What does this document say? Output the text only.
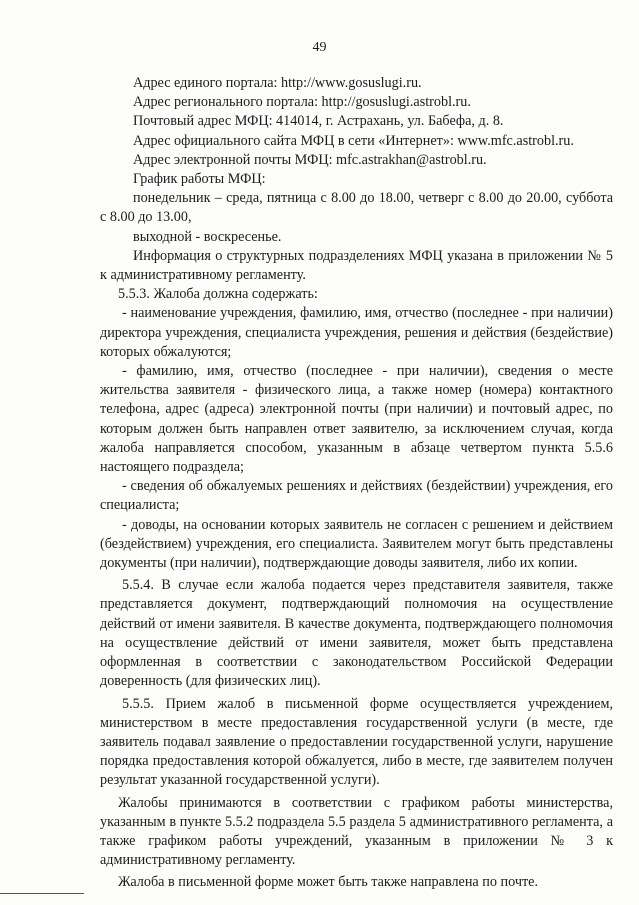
49

Адрес единого портала: http://www.gosuslugi.ru.

Адрес регионального портала: http://gosuslugi.astrobl.ru.

Почтовый адрес МФЦ: 414014, г. Астрахань, ул. Бабефа, д. 8.

Адрес официального сайта МФЦ в сети «Интернет»: www.mfc.astrobl.ru.

Адрес электронной почты МФЦ: mfc.astrakhan@astrobl.ru.

График работы МФЦ:

понедельник – среда, пятница с 8.00 до 18.00, четверг с 8.00 до 20.00, суббота с 8.00 до 13.00,

выходной - воскресенье.

Информация о структурных подразделениях МФЦ указана в приложении № 5 к административному регламенту.

5.5.3. Жалоба должна содержать:

- наименование учреждения, фамилию, имя, отчество (последнее - при наличии) директора учреждения, специалиста учреждения, решения и действия (бездействие) которых обжалуются;

- фамилию, имя, отчество (последнее - при наличии), сведения о месте жительства заявителя - физического лица, а также номер (номера) контактного телефона, адрес (адреса) электронной почты (при наличии) и почтовый адрес, по которым должен быть направлен ответ заявителю, за исключением случая, когда жалоба направляется способом, указанным в абзаце четвертом пункта 5.5.6 настоящего подраздела;

- сведения об обжалуемых решениях и действиях (бездействии) учреждения, его специалиста;

- доводы, на основании которых заявитель не согласен с решением и действием (бездействием) учреждения, его специалиста. Заявителем могут быть представлены документы (при наличии), подтверждающие доводы заявителя, либо их копии.

5.5.4. В случае если жалоба подается через представителя заявителя, также представляется документ, подтверждающий полномочия на осуществление действий от имени заявителя. В качестве документа, подтверждающего полномочия на осуществление действий от имени заявителя, может быть представлена оформленная в соответствии с законодательством Российской Федерации доверенность (для физических лиц).

5.5.5. Прием жалоб в письменной форме осуществляется учреждением, министерством в месте предоставления государственной услуги (в месте, где заявитель подавал заявление о предоставлении государственной услуги, нарушение порядка предоставления которой обжалуется, либо в месте, где заявителем получен результат указанной государственной услуги).

Жалобы принимаются в соответствии с графиком работы министерства, указанным в пункте 5.5.2 подраздела 5.5 раздела 5 административного регламента, а также графиком работы учреждений, указанным в приложении № 3 к административному регламенту.

Жалоба в письменной форме может быть также направлена по почте.
